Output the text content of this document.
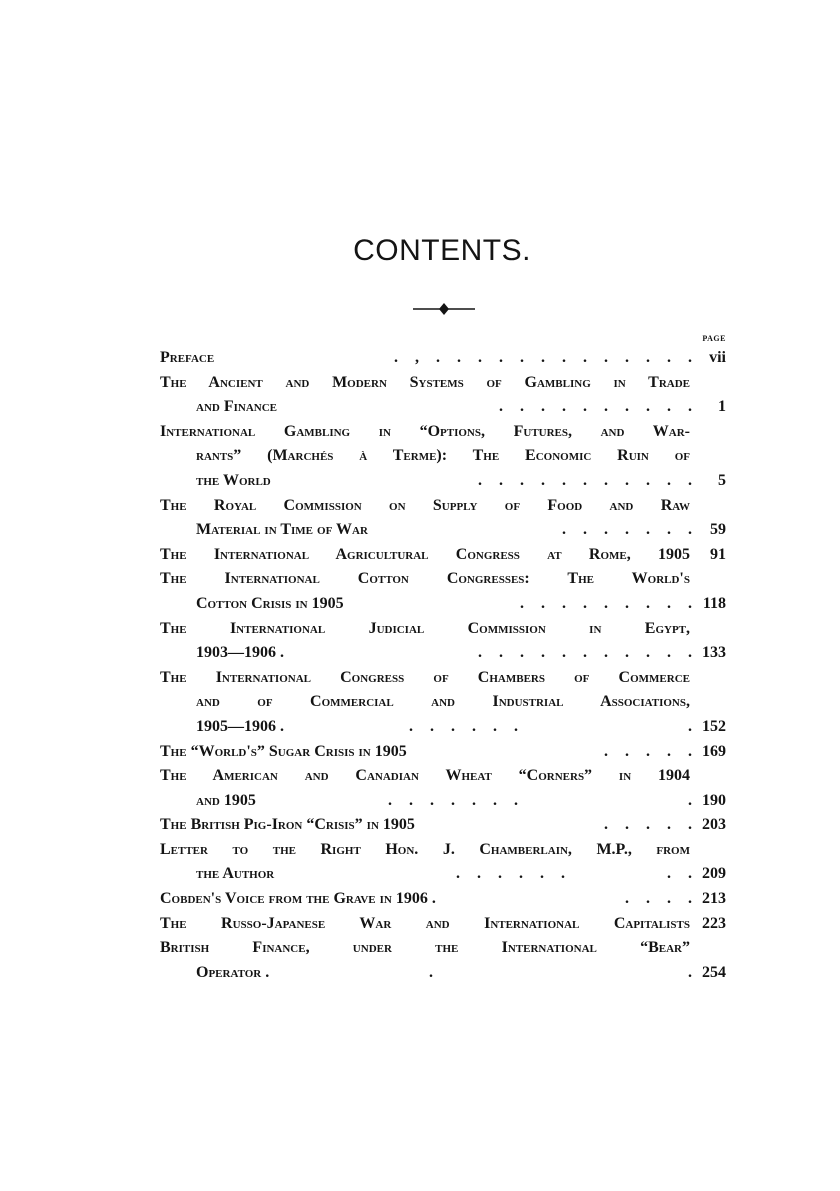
CONTENTS.
PAGE
Preface	. , . . . . . . . . . . . . .	vii
The Ancient and Modern Systems of Gambling in Trade
and Finance	. . . . . . . . . .	1
International Gambling in “Options, Futures, and War-
rants” (Marchés à Terme): The Economic Ruin of
the World	. . . . . . . . . . .	5
The Royal Commission on Supply of Food and Raw
Material in Time of War	. . . . . . .	59
The International Agricultural Congress at Rome, 1905	91
The International Cotton Congresses: The World's
Cotton Crisis in 1905	. . . . . . . . . 118
The International Judicial Commission in Egypt,
1903—1906 .	. . . . . . . . . . . 133
The International Congress of Chambers of Commerce
and of Commercial and Industrial Associations,
1905—1906 .	. . . . . .          . 152
The “World's” Sugar Crisis in 1905	. . . . . 169
The American and Canadian Wheat “Corners” in 1904
and 1905	. . . . . . .          . 190
The British Pig-Iron “Crisis” in 1905	. . . . . 203
Letter to the Right Hon. J. Chamberlain, M.P., from
the Author	. . . . . .      . . 209
Cobden's Voice from the Grave in 1906 .	. . . . 213
The Russo-Japanese War and International Capitalists 223
British Finance, under the International “Bear”
Operator .	.               . 254
